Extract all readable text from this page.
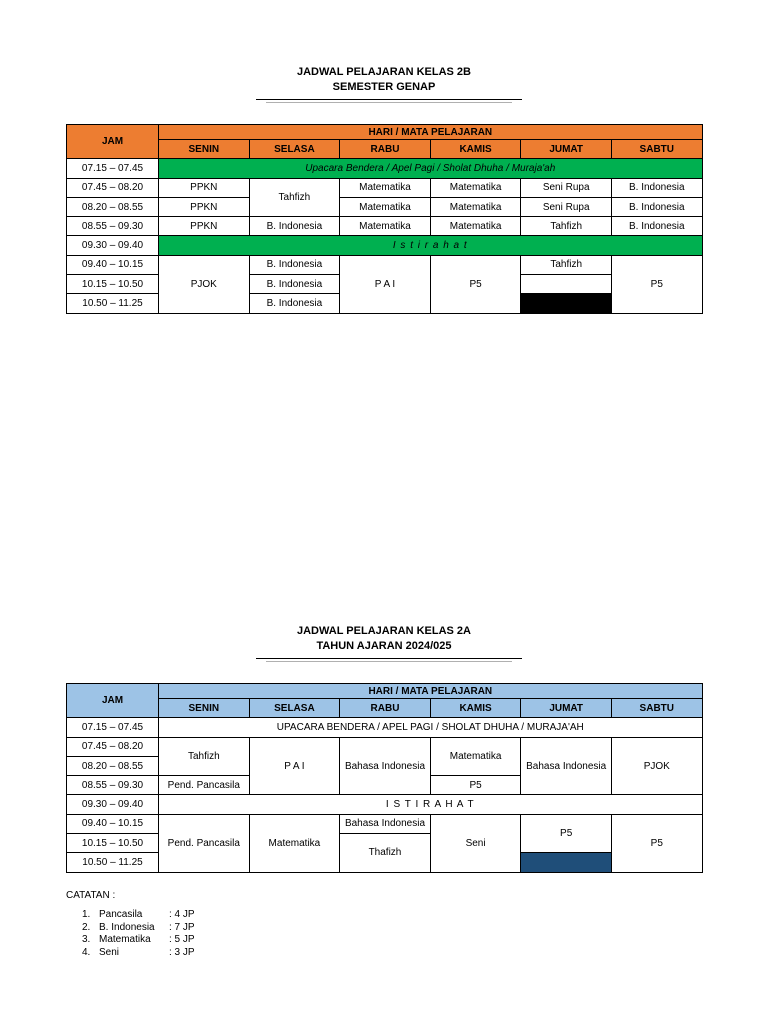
JADWAL PELAJARAN KELAS 2B
SEMESTER GENAP
JAM	HARI / MATA PELAJARAN					
	SENIN	SELASA	RABU	KAMIS	JUMAT	SABTU
07.15 – 07.45	Upacara Bendera / Apel Pagi / Sholat Dhuha / Muraja'ah					
07.45 – 08.20	PPKN	Tahfizh	Matematika	Matematika	Seni Rupa	B. Indonesia
08.20 – 08.55	PPKN		Matematika	Matematika	Seni Rupa	B. Indonesia
08.55 – 09.30	PPKN	B. Indonesia	Matematika	Matematika	Tahfizh	B. Indonesia
09.30 – 09.40	I s t i r a h a t					
09.40 – 10.15	PJOK	B. Indonesia	P A I	P5	Tahfizh	P5
10.15 – 10.50		B. Indonesia				
10.50 – 11.25		B. Indonesia				
JADWAL PELAJARAN KELAS 2A
TAHUN AJARAN 2024/025
JAM	HARI / MATA PELAJARAN					
	SENIN	SELASA	RABU	KAMIS	JUMAT	SABTU
07.15 – 07.45	UPACARA BENDERA / APEL PAGI / SHOLAT DHUHA / MURAJA'AH					
07.45 – 08.20	Tahfizh	P A I	Bahasa Indonesia	Matematika	Bahasa Indonesia	PJOK
08.20 – 08.55						
08.55 – 09.30	Pend. Pancasila			P5		
09.30 – 09.40	I S T I R A H A T					
09.40 – 10.15	Pend. Pancasila	Matematika	Bahasa Indonesia	Seni	P5	P5
10.15 – 10.50			Thafizh			
10.50 – 11.25						
CATATAN :
1. Pancasila	: 4 JP
2. B. Indonesia	: 7 JP
3. Matematika	: 5 JP
4. Seni	: 3 JP
